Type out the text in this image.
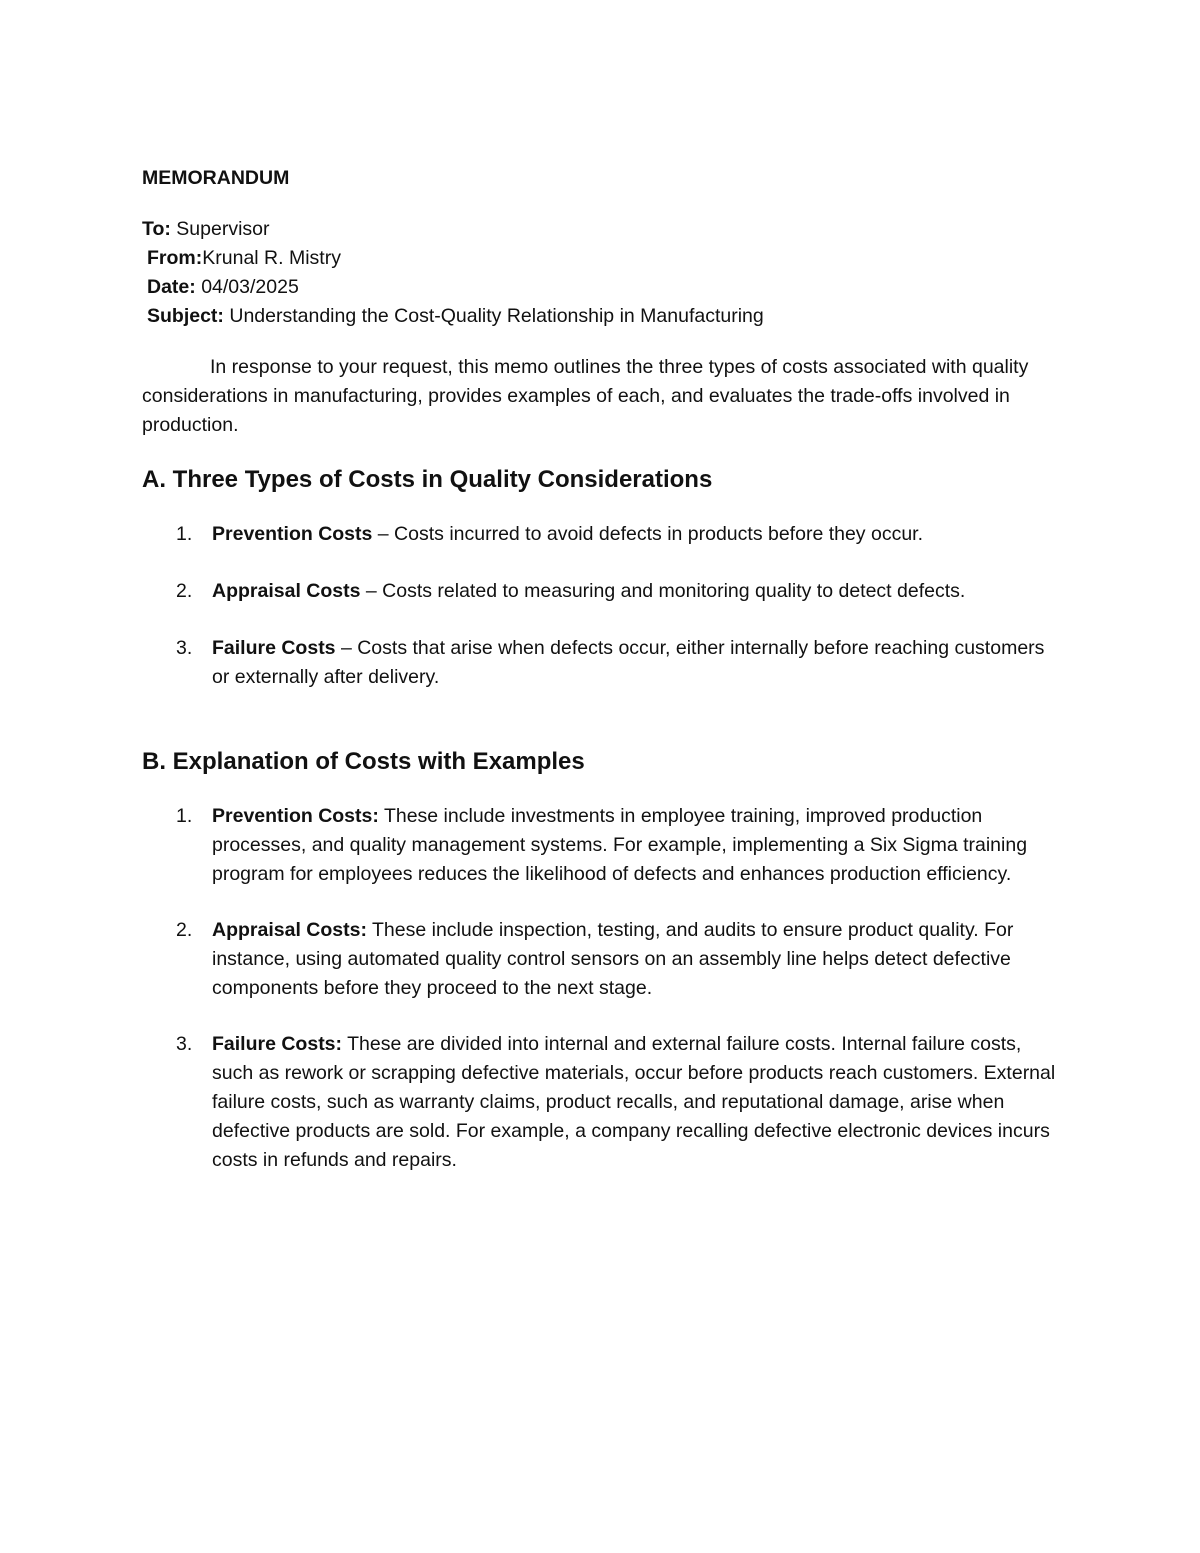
MEMORANDUM

To: Supervisor

From:Krunal R. Mistry

Date: 04/03/2025

Subject: Understanding the Cost-Quality Relationship in Manufacturing

In response to your request, this memo outlines the three types of costs associated with quality considerations in manufacturing, provides examples of each, and evaluates the trade-offs involved in production.

A. Three Types of Costs in Quality Considerations
1. Prevention Costs – Costs incurred to avoid defects in products before they occur.
2. Appraisal Costs – Costs related to measuring and monitoring quality to detect defects.
3. Failure Costs – Costs that arise when defects occur, either internally before reaching customers or externally after delivery.
B. Explanation of Costs with Examples
1. Prevention Costs: These include investments in employee training, improved production processes, and quality management systems. For example, implementing a Six Sigma training program for employees reduces the likelihood of defects and enhances production efficiency.
2. Appraisal Costs: These include inspection, testing, and audits to ensure product quality. For instance, using automated quality control sensors on an assembly line helps detect defective components before they proceed to the next stage.
3. Failure Costs: These are divided into internal and external failure costs. Internal failure costs, such as rework or scrapping defective materials, occur before products reach customers. External failure costs, such as warranty claims, product recalls, and reputational damage, arise when defective products are sold. For example, a company recalling defective electronic devices incurs costs in refunds and repairs.
